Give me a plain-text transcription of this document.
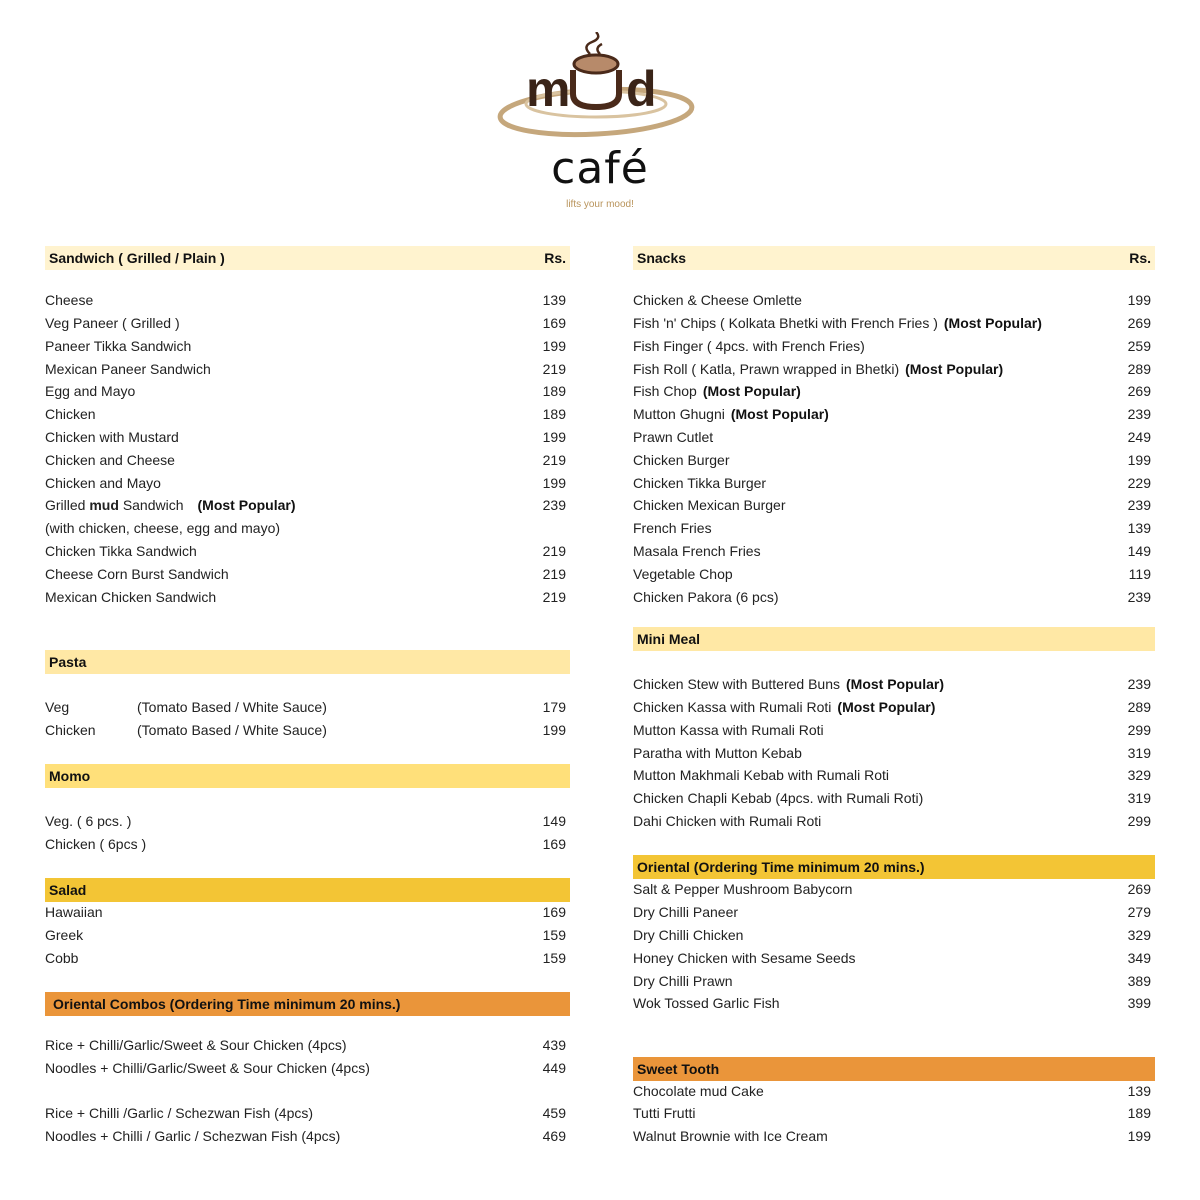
m d
café
lifts your mood!
Sandwich ( Grilled / Plain )	Rs.
Cheese	139
Veg Paneer ( Grilled )	169
Paneer Tikka Sandwich	199
Mexican Paneer Sandwich	219
Egg and Mayo	189
Chicken	189
Chicken with Mustard	199
Chicken and Cheese	219
Chicken and Mayo	199
Grilled mud Sandwich (Most Popular)	239
(with chicken, cheese, egg and mayo)
Chicken Tikka Sandwich	219
Cheese Corn Burst Sandwich	219
Mexican Chicken Sandwich	219
Pasta
Veg	(Tomato Based / White Sauce)	179
Chicken	(Tomato Based / White Sauce)	199
Momo
Veg. ( 6 pcs. )	149
Chicken ( 6pcs )	169
Salad
Hawaiian	169
Greek	159
Cobb	159
Oriental Combos (Ordering Time minimum 20 mins.)
Rice + Chilli/Garlic/Sweet & Sour Chicken (4pcs)	439
Noodles + Chilli/Garlic/Sweet & Sour Chicken (4pcs)	449
Rice + Chilli /Garlic / Schezwan Fish (4pcs)	459
Noodles + Chilli / Garlic / Schezwan Fish (4pcs)	469
Snacks	Rs.
Chicken & Cheese Omlette	199
Fish 'n' Chips ( Kolkata Bhetki with French Fries ) (Most Popular)	269
Fish Finger ( 4pcs. with French Fries)	259
Fish Roll ( Katla, Prawn wrapped in Bhetki) (Most Popular)	289
Fish Chop (Most Popular)	269
Mutton Ghugni (Most Popular)	239
Prawn Cutlet	249
Chicken Burger	199
Chicken Tikka Burger	229
Chicken Mexican Burger	239
French Fries	139
Masala French Fries	149
Vegetable Chop	119
Chicken Pakora (6 pcs)	239
Mini Meal
Chicken Stew with Buttered Buns (Most Popular)	239
Chicken Kassa with Rumali Roti (Most Popular)	289
Mutton Kassa with Rumali Roti	299
Paratha with Mutton Kebab	319
Mutton Makhmali Kebab with Rumali Roti	329
Chicken Chapli Kebab (4pcs. with Rumali Roti)	319
Dahi Chicken with Rumali Roti	299
Oriental (Ordering Time minimum 20 mins.)
Salt & Pepper Mushroom Babycorn	269
Dry Chilli Paneer	279
Dry Chilli Chicken	329
Honey Chicken with Sesame Seeds	349
Dry Chilli Prawn	389
Wok Tossed Garlic Fish	399
Sweet Tooth
Chocolate mud Cake	139
Tutti Frutti	189
Walnut Brownie with Ice Cream	199
